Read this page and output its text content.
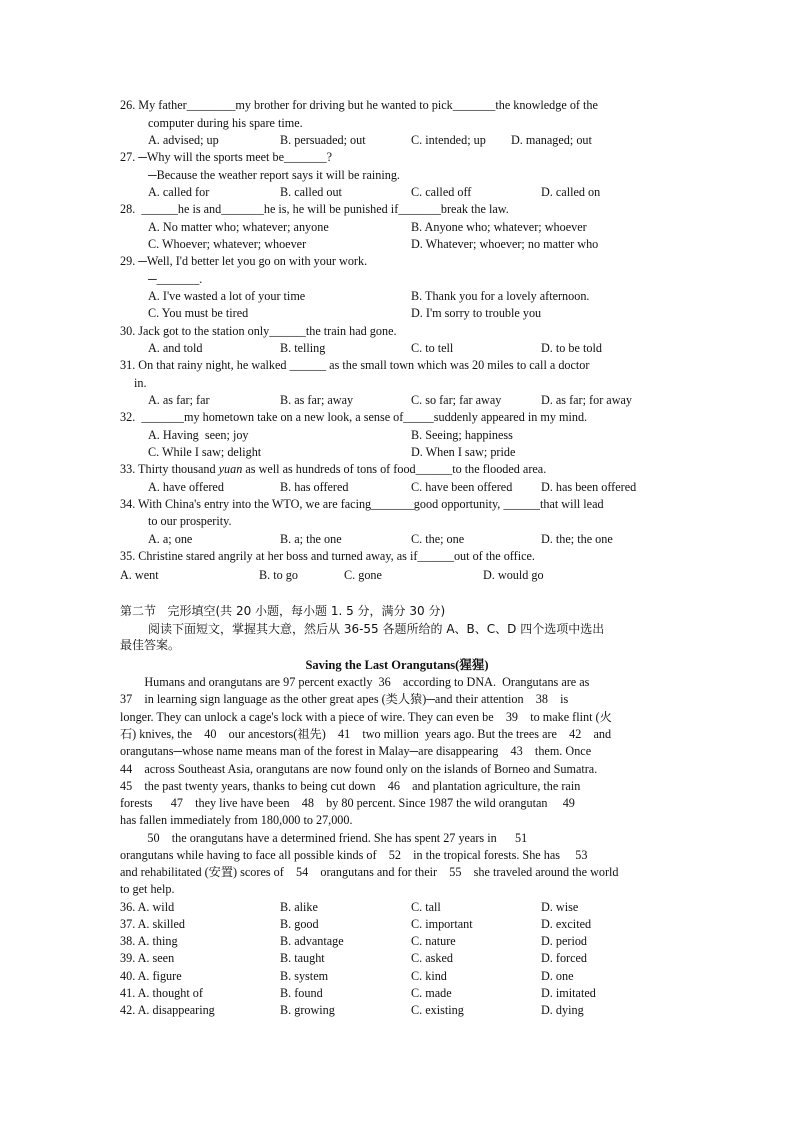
26. My father________my brother for driving but he wanted to pick_______the knowledge of the
computer during his spare time.
A. advised; up	B. persuaded; out	C. intended; up D. managed; out
27. ─Why will the sports meet be_______?
─Because the weather report says it will be raining.
A. called for	B. called out	C. called off	D. called on
28.  ______he is and_______he is, he will be punished if_______break the law.
A. No matter who; whatever; anyone	B. Anyone who; whatever; whoever
C. Whoever; whatever; whoever	D. Whatever; whoever; no matter who
29. ─Well, I'd better let you go on with your work.
─_______.
A. I've wasted a lot of your time	B. Thank you for a lovely afternoon.
C. You must be tired	D. I'm sorry to trouble you
30. Jack got to the station only______the train had gone.
A. and told	B. telling	C. to tell	D. to be told
31. On that rainy night, he walked ______ as the small town which was 20 miles to call a doctor
in.
A. as far; far	B. as far; away	C. so far; far away	D. as far; for away
32.  _______my hometown take on a new look, a sense of_____suddenly appeared in my mind.
A. Having  seen; joy	B. Seeing; happiness
C. While I saw; delight	D. When I saw; pride
33. Thirty thousand yuan as well as hundreds of tons of food______to the flooded area.
A. have offered	B. has offered	C. have been offered D. has been offered
34. With China's entry into the WTO, we are facing_______good opportunity, ______that will lead
to our prosperity.
A. a; one	B. a; the one	C. the; one	D. the; the one
35. Christine stared angrily at her boss and turned away, as if______out of the office.
A. went	B. to go	C. gone	D. would go
第二节   完形填空(共 20 小题，每小题 1. 5 分，满分 30 分)
阅读下面短文，掌握其大意，然后从 36-55 各题所给的 A、B、C、D 四个选项中选出
最佳答案。
Saving the Last Orangutans(猩猩)
Humans and orangutans are 97 percent exactly  36    according to DNA.  Orangutans are as
37    in learning sign language as the other great apes (类人猿)─and their attention    38    is
longer. They can unlock a cage's lock with a piece of wire. They can even be    39    to make flint (火
石) knives, the    40    our ancestors(祖先)    41    two million  years ago. But the trees are    42    and
orangutans─whose name means man of the forest in Malay─are disappearing    43    them. Once
44    across Southeast Asia, orangutans are now found only on the islands of Borneo and Sumatra.
45    the past twenty years, thanks to being cut down    46    and plantation agriculture, the rain
forests      47    they live have been    48    by 80 percent. Since 1987 the wild orangutan     49
has fallen immediately from 180,000 to 27,000.
50    the orangutans have a determined friend. She has spent 27 years in      51
orangutans while having to face all possible kinds of    52    in the tropical forests. She has     53
and rehabilitated (安置) scores of    54    orangutans and for their    55    she traveled around the world
to get help.
36. A. wild	B. alike	C. tall	D. wise
37. A. skilled	B. good	C. important	D. excited
38. A. thing	B. advantage	C. nature	D. period
39. A. seen	B. taught	C. asked	D. forced
40. A. figure	B. system	C. kind	D. one
41. A. thought of	B. found	C. made	D. imitated
42. A. disappearing	B. growing	C. existing	D. dying
